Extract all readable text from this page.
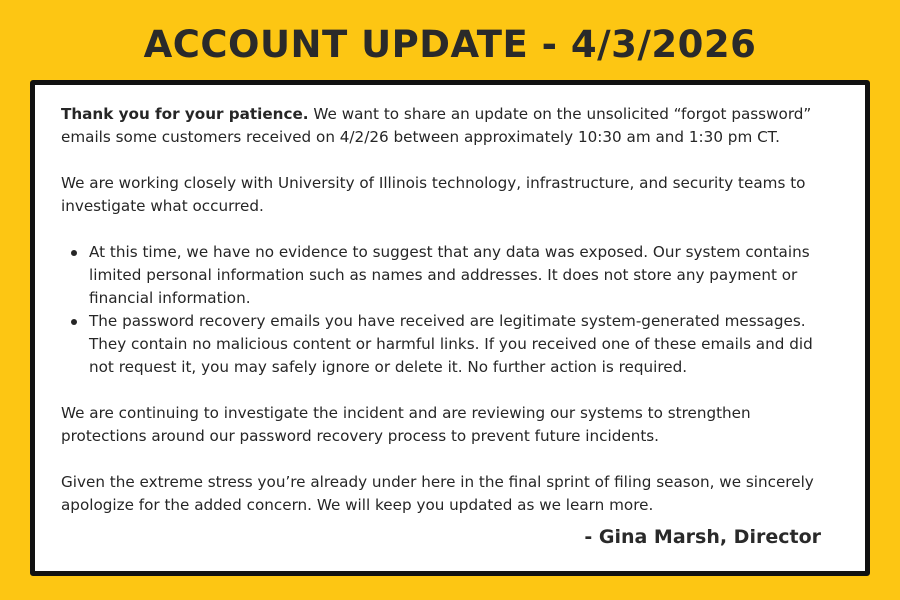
ACCOUNT UPDATE - 4/3/2026

Thank you for your patience. We want to share an update on the unsolicited “forgot password” emails some customers received on 4/2/26 between approximately 10:30 am and 1:30 pm CT.

We are working closely with University of Illinois technology, infrastructure, and security teams to investigate what occurred.

At this time, we have no evidence to suggest that any data was exposed. Our system contains limited personal information such as names and addresses. It does not store any payment or financial information.
The password recovery emails you have received are legitimate system-generated messages. They contain no malicious content or harmful links. If you received one of these emails and did not request it, you may safely ignore or delete it. No further action is required.

We are continuing to investigate the incident and are reviewing our systems to strengthen protections around our password recovery process to prevent future incidents.

Given the extreme stress you’re already under here in the final sprint of filing season, we sincerely apologize for the added concern. We will keep you updated as we learn more.

- Gina Marsh, Director
